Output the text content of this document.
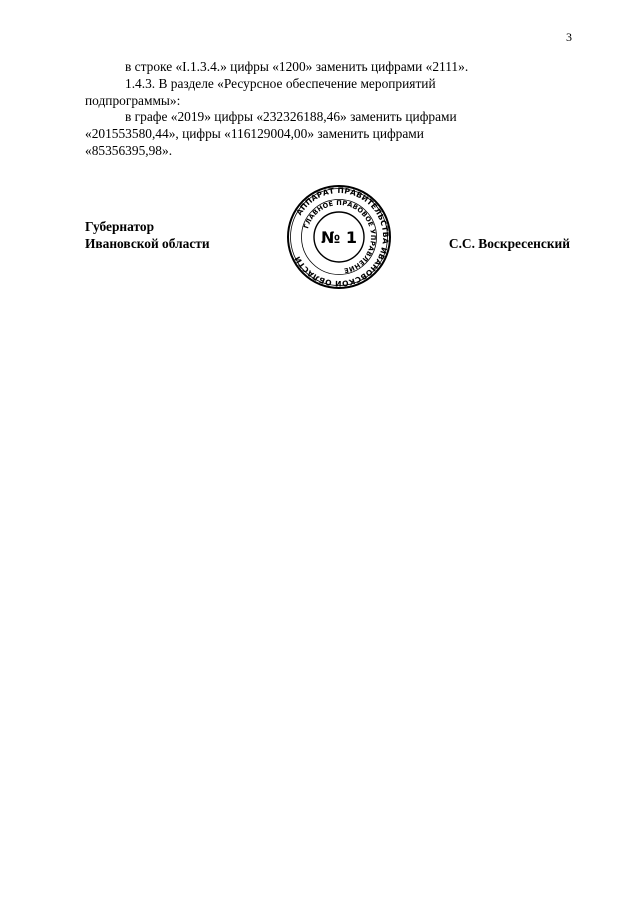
3

в строке «I.1.3.4.» цифры «1200» заменить цифрами «2111».

1.4.3. В разделе «Ресурсное обеспечение мероприятий

подпрограммы»:

в графе «2019» цифры «232326188,46» заменить цифрами

«201553580,44», цифры «116129004,00» заменить цифрами

«85356395,98».

Губернатор
Ивановской области
АППАРАТ ПРАВИТЕЛЬСТВА ИВАНОВСКОЙ ОБЛАСТИ
ГЛАВНОЕ ПРАВОВОЕ УПРАВЛЕНИЕ
№ 1	С.С. Воскресенский
